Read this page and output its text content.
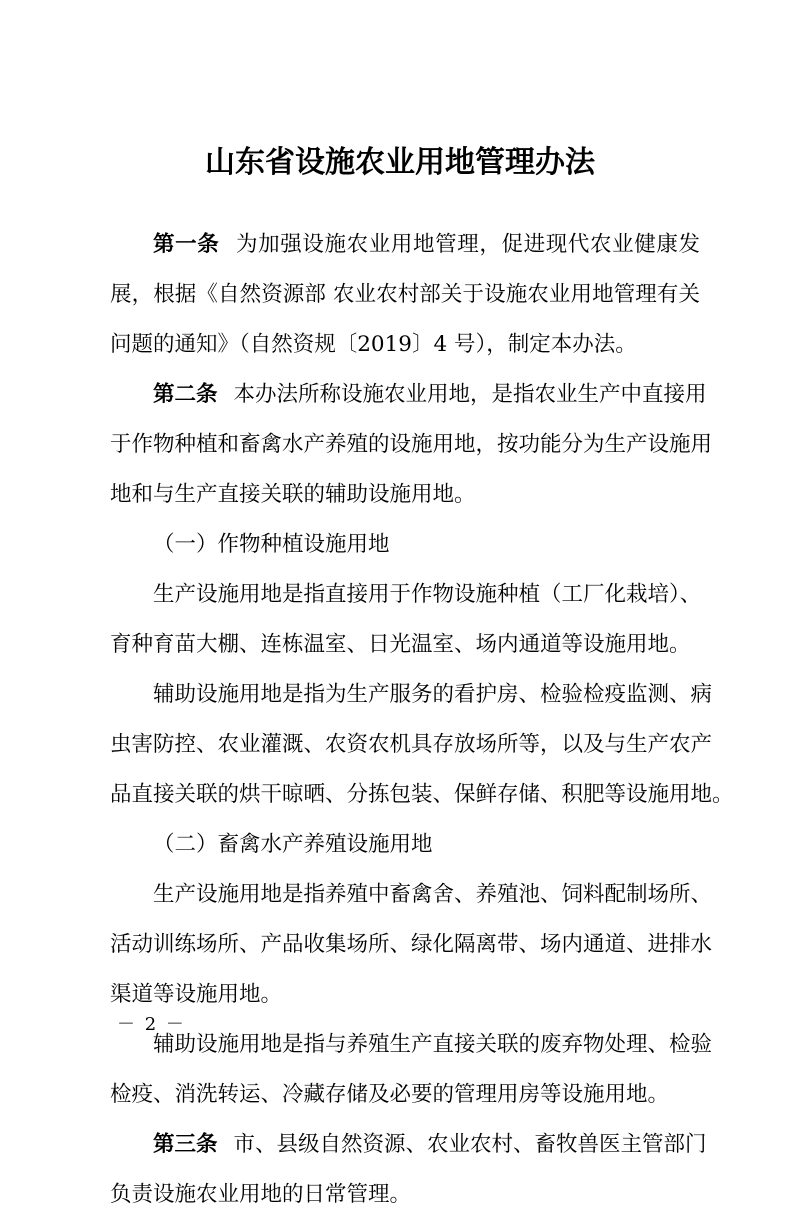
山东省设施农业用地管理办法
第一条 为加强设施农业用地管理，促进现代农业健康发
展，根据《自然资源部 农业农村部关于设施农业用地管理有关
问题的通知》（自然资规〔2019〕4 号），制定本办法。
第二条 本办法所称设施农业用地，是指农业生产中直接用
于作物种植和畜禽水产养殖的设施用地，按功能分为生产设施用
地和与生产直接关联的辅助设施用地。
（一）作物种植设施用地
生产设施用地是指直接用于作物设施种植（工厂化栽培）、
育种育苗大棚、连栋温室、日光温室、场内通道等设施用地。
辅助设施用地是指为生产服务的看护房、检验检疫监测、病
虫害防控、农业灌溉、农资农机具存放场所等，以及与生产农产
品直接关联的烘干晾晒、分拣包装、保鲜存储、积肥等设施用地。
（二）畜禽水产养殖设施用地
生产设施用地是指养殖中畜禽舍、养殖池、饲料配制场所、
活动训练场所、产品收集场所、绿化隔离带、场内通道、进排水
渠道等设施用地。
辅助设施用地是指与养殖生产直接关联的废弃物处理、检验
检疫、消洗转运、冷藏存储及必要的管理用房等设施用地。
第三条 市、县级自然资源、农业农村、畜牧兽医主管部门
负责设施农业用地的日常管理。
－ 2 －
